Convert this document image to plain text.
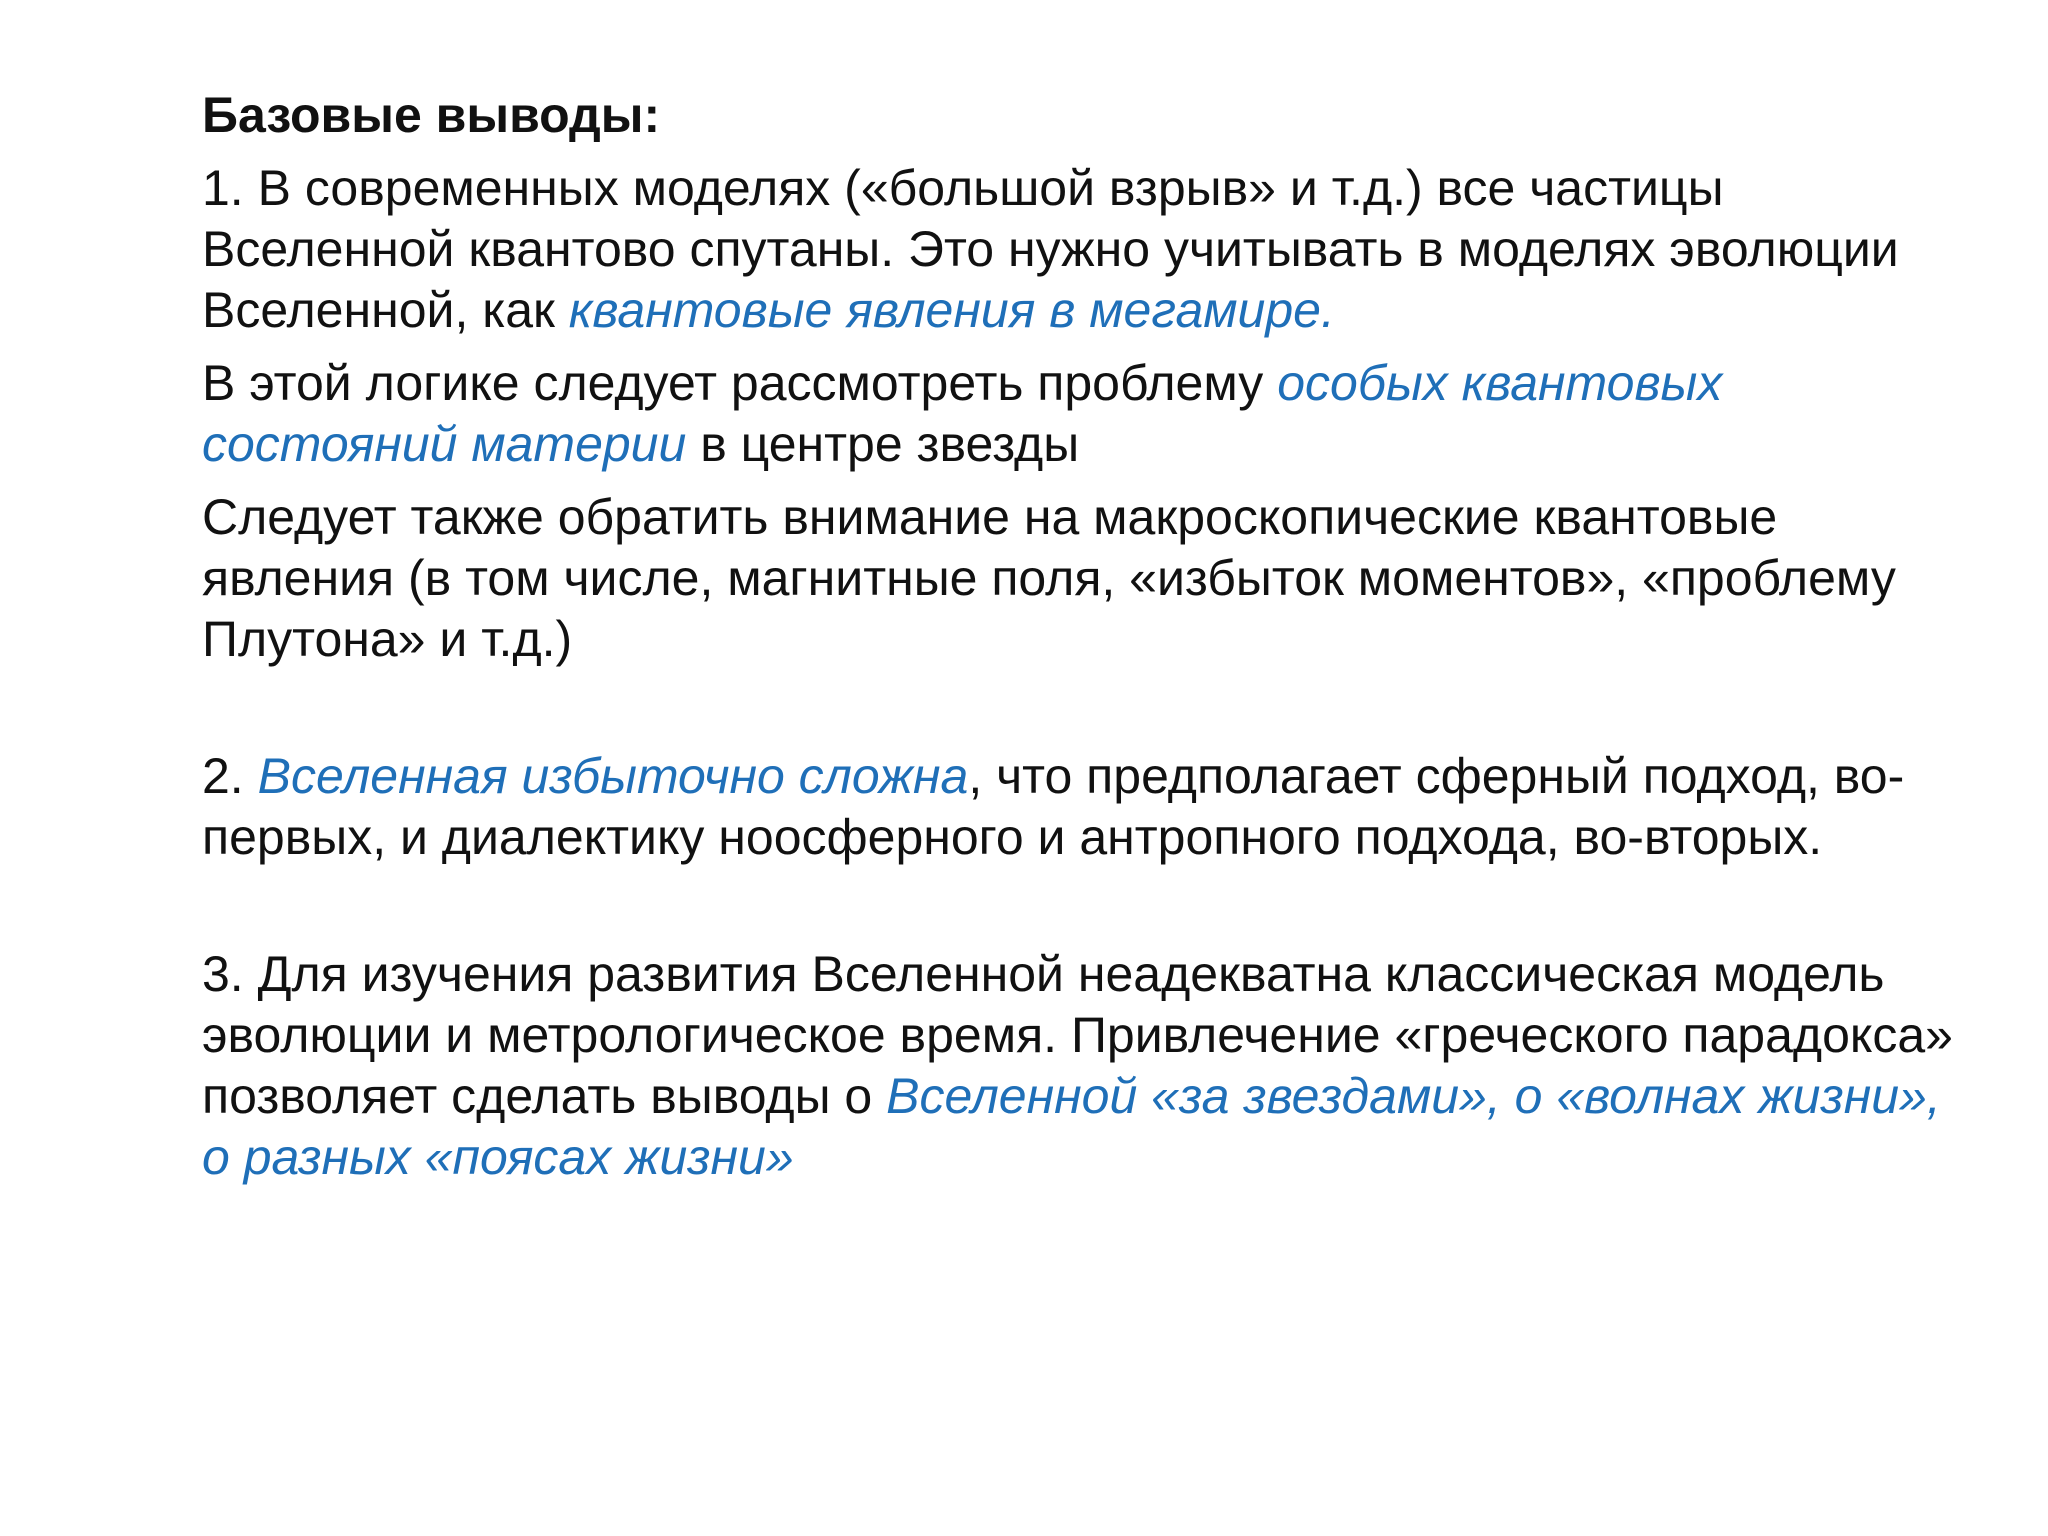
Базовые выводы:

1. В современных моделях («большой взрыв» и т.д.) все частицы Вселенной квантово спутаны. Это нужно учитывать в моделях эволюции Вселенной, как квантовые явления в мегамире.

В этой логике следует рассмотреть проблему особых квантовых состояний материи в центре звезды

Следует также обратить внимание на макроскопические квантовые явления (в том числе, магнитные поля, «избыток моментов», «проблему Плутона» и т.д.)

2. Вселенная избыточно сложна, что предполагает сферный подход, во-первых, и диалектику ноосферного и антропного подхода, во-вторых.

3. Для изучения развития Вселенной неадекватна классическая модель эволюции и метрологическое время. Привлечение «греческого парадокса» позволяет сделать выводы о Вселенной «за звездами», о «волнах жизни», о разных «поясах жизни»
